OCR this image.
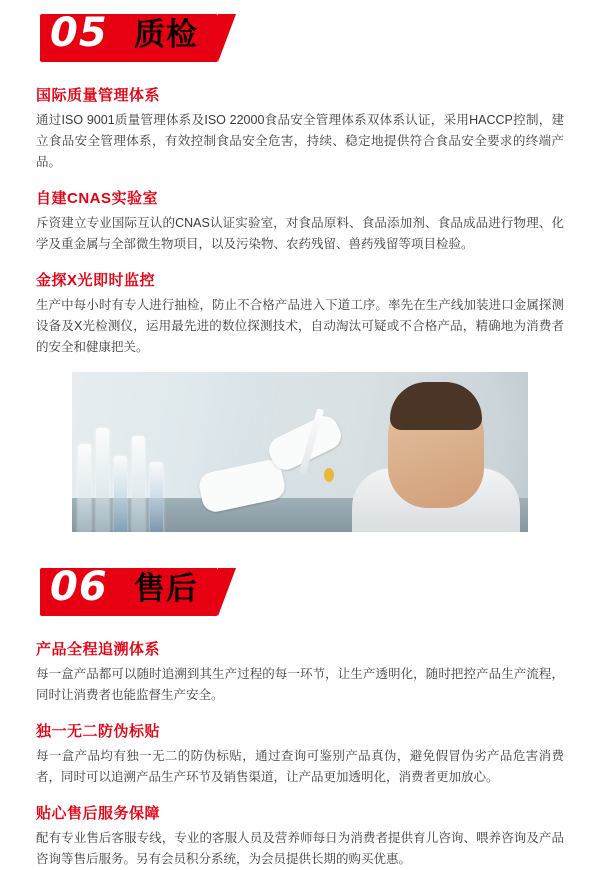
05 质检
国际质量管理体系

通过ISO 9001质量管理体系及ISO 22000食品安全管理体系双体系认证，采用HACCP控制，建立食品安全管理体系，有效控制食品安全危害，持续、稳定地提供符合食品安全要求的终端产品。

自建CNAS实验室

斥资建立专业国际互认的CNAS认证实验室，对食品原料、食品添加剂、食品成品进行物理、化学及重金属与全部微生物项目，以及污染物、农药残留、兽药残留等项目检验。

金探X光即时监控

生产中每小时有专人进行抽检，防止不合格产品进入下道工序。率先在生产线加装进口金属探测设备及X光检测仪，运用最先进的数位探测技术，自动淘汰可疑或不合格产品，精确地为消费者的安全和健康把关。

06 售后
产品全程追溯体系

每一盒产品都可以随时追溯到其生产过程的每一环节，让生产透明化，随时把控产品生产流程，同时让消费者也能监督生产安全。

独一无二防伪标贴

每一盒产品均有独一无二的防伪标贴，通过查询可鉴别产品真伪，避免假冒伪劣产品危害消费者，同时可以追溯产品生产环节及销售渠道，让产品更加透明化，消费者更加放心。

贴心售后服务保障

配有专业售后客服专线，专业的客服人员及营养师每日为消费者提供育儿咨询、喂养咨询及产品咨询等售后服务。另有会员积分系统，为会员提供长期的购买优惠。
